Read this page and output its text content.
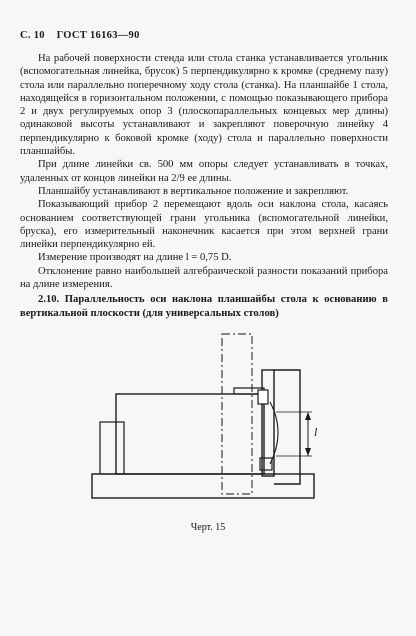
С. 10 ГОСТ 16163—90

На рабочей поверхности стенда или стола станка устанавливается угольник (вспомогательная линейка, брусок) 5 перпендикулярно к кромке (среднему пазу) стола или параллельно поперечному ходу стола (станка). На планшайбе 1 стола, находящейся в горизонтальном положении, с помощью показывающего прибора 2 и двух регулируемых опор 3 (плоскопараллельных концевых мер длины) одинаковой высоты устанавливают и закрепляют поверочную линейку 4 перпендикулярно к боковой кромке (ходу) стола и параллельно поверхности планшайбы.

При длине линейки св. 500 мм опоры следует устанавливать в точках, удаленных от концов линейки на 2/9 ее длины.

Планшайбу устанавливают в вертикальное положение и закрепляют.

Показывающий прибор 2 перемещают вдоль оси наклона стола, касаясь основанием соответствующей грани угольника (вспомогательной линейки, бруска), его измерительный наконечник касается при этом верхней грани линейки перпендикулярно ей.

Измерение производят на длине l = 0,75 D.

Отклонение равно наибольшей алгебраической разности показаний прибора на длине измерения.

2.10. Параллельность оси наклона планшайбы стола к основанию в вертикальной плоскости (для универсальных столов)

l
Черт. 15
